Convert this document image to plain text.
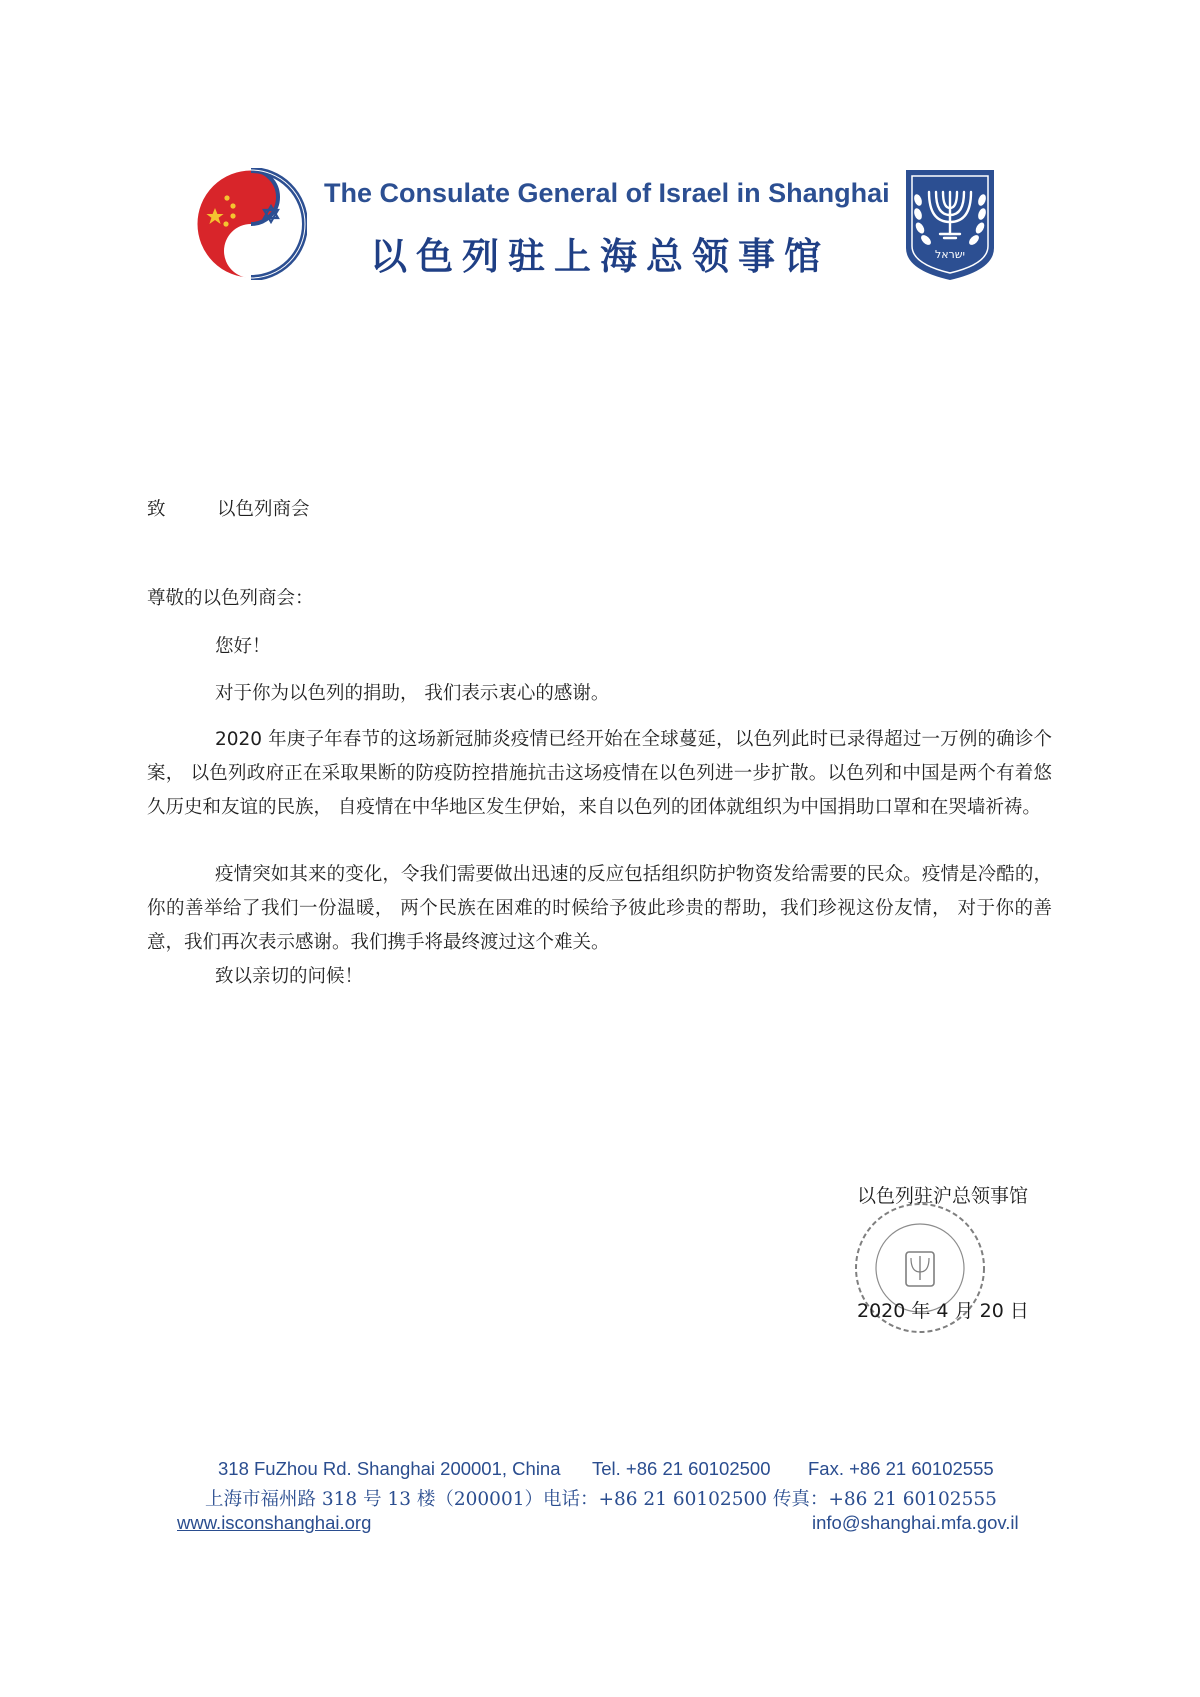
The Consulate General of Israel in Shanghai
以色列驻上海总领事馆	ישראל
致	以色列商会

尊敬的以色列商会：

您好！

对于你为以色列的捐助， 我们表示衷心的感谢。

2020 年庚子年春节的这场新冠肺炎疫情已经开始在全球蔓延，以色列此时已录得超过一万例的确诊个案， 以色列政府正在采取果断的防疫防控措施抗击这场疫情在以色列进一步扩散。以色列和中国是两个有着悠久历史和友谊的民族， 自疫情在中华地区发生伊始，来自以色列的团体就组织为中国捐助口罩和在哭墙祈祷。

疫情突如其来的变化，令我们需要做出迅速的反应包括组织防护物资发给需要的民众。疫情是冷酷的，你的善举给了我们一份温暖， 两个民族在困难的时候给予彼此珍贵的帮助，我们珍视这份友情， 对于你的善意，我们再次表示感谢。我们携手将最终渡过这个难关。

致以亲切的问候！

以色列驻沪总领事馆
2020 年 4 月 20 日
318 FuZhou Rd. Shanghai 200001, China Tel. +86 21 60102500 Fax. +86 21 60102555
上海市福州路 318 号 13 楼（200001）电话：+86 21 60102500 传真：+86 21 60102555
www.isconshanghai.org	info@shanghai.mfa.gov.il
